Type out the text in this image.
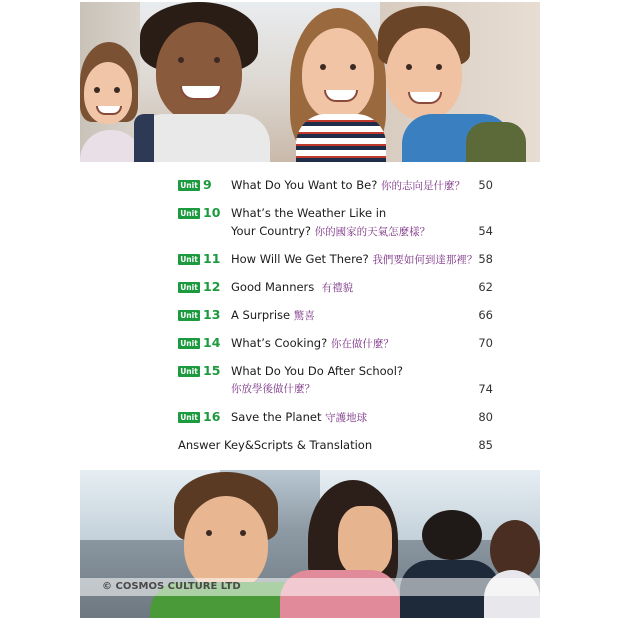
Unit 9 What Do You Want to Be? 你的志向是什麼？ 50
Unit 10 What’s the Weather Like in
Your Country? 你的國家的天氣怎麼樣？	54
Unit 11 How Will We Get There? 我們要如何到達那裡？ 58
Unit 12 Good Manners 有禮貌	62
Unit 13 A Surprise 驚喜	66
Unit 14 What’s Cooking? 你在做什麼？	70
Unit 15 What Do You Do After School?
你放學後做什麼？	74
Unit 16 Save the Planet 守護地球	80
Answer Key&Scripts & Translation	85
© COSMOS CULTURE LTD
